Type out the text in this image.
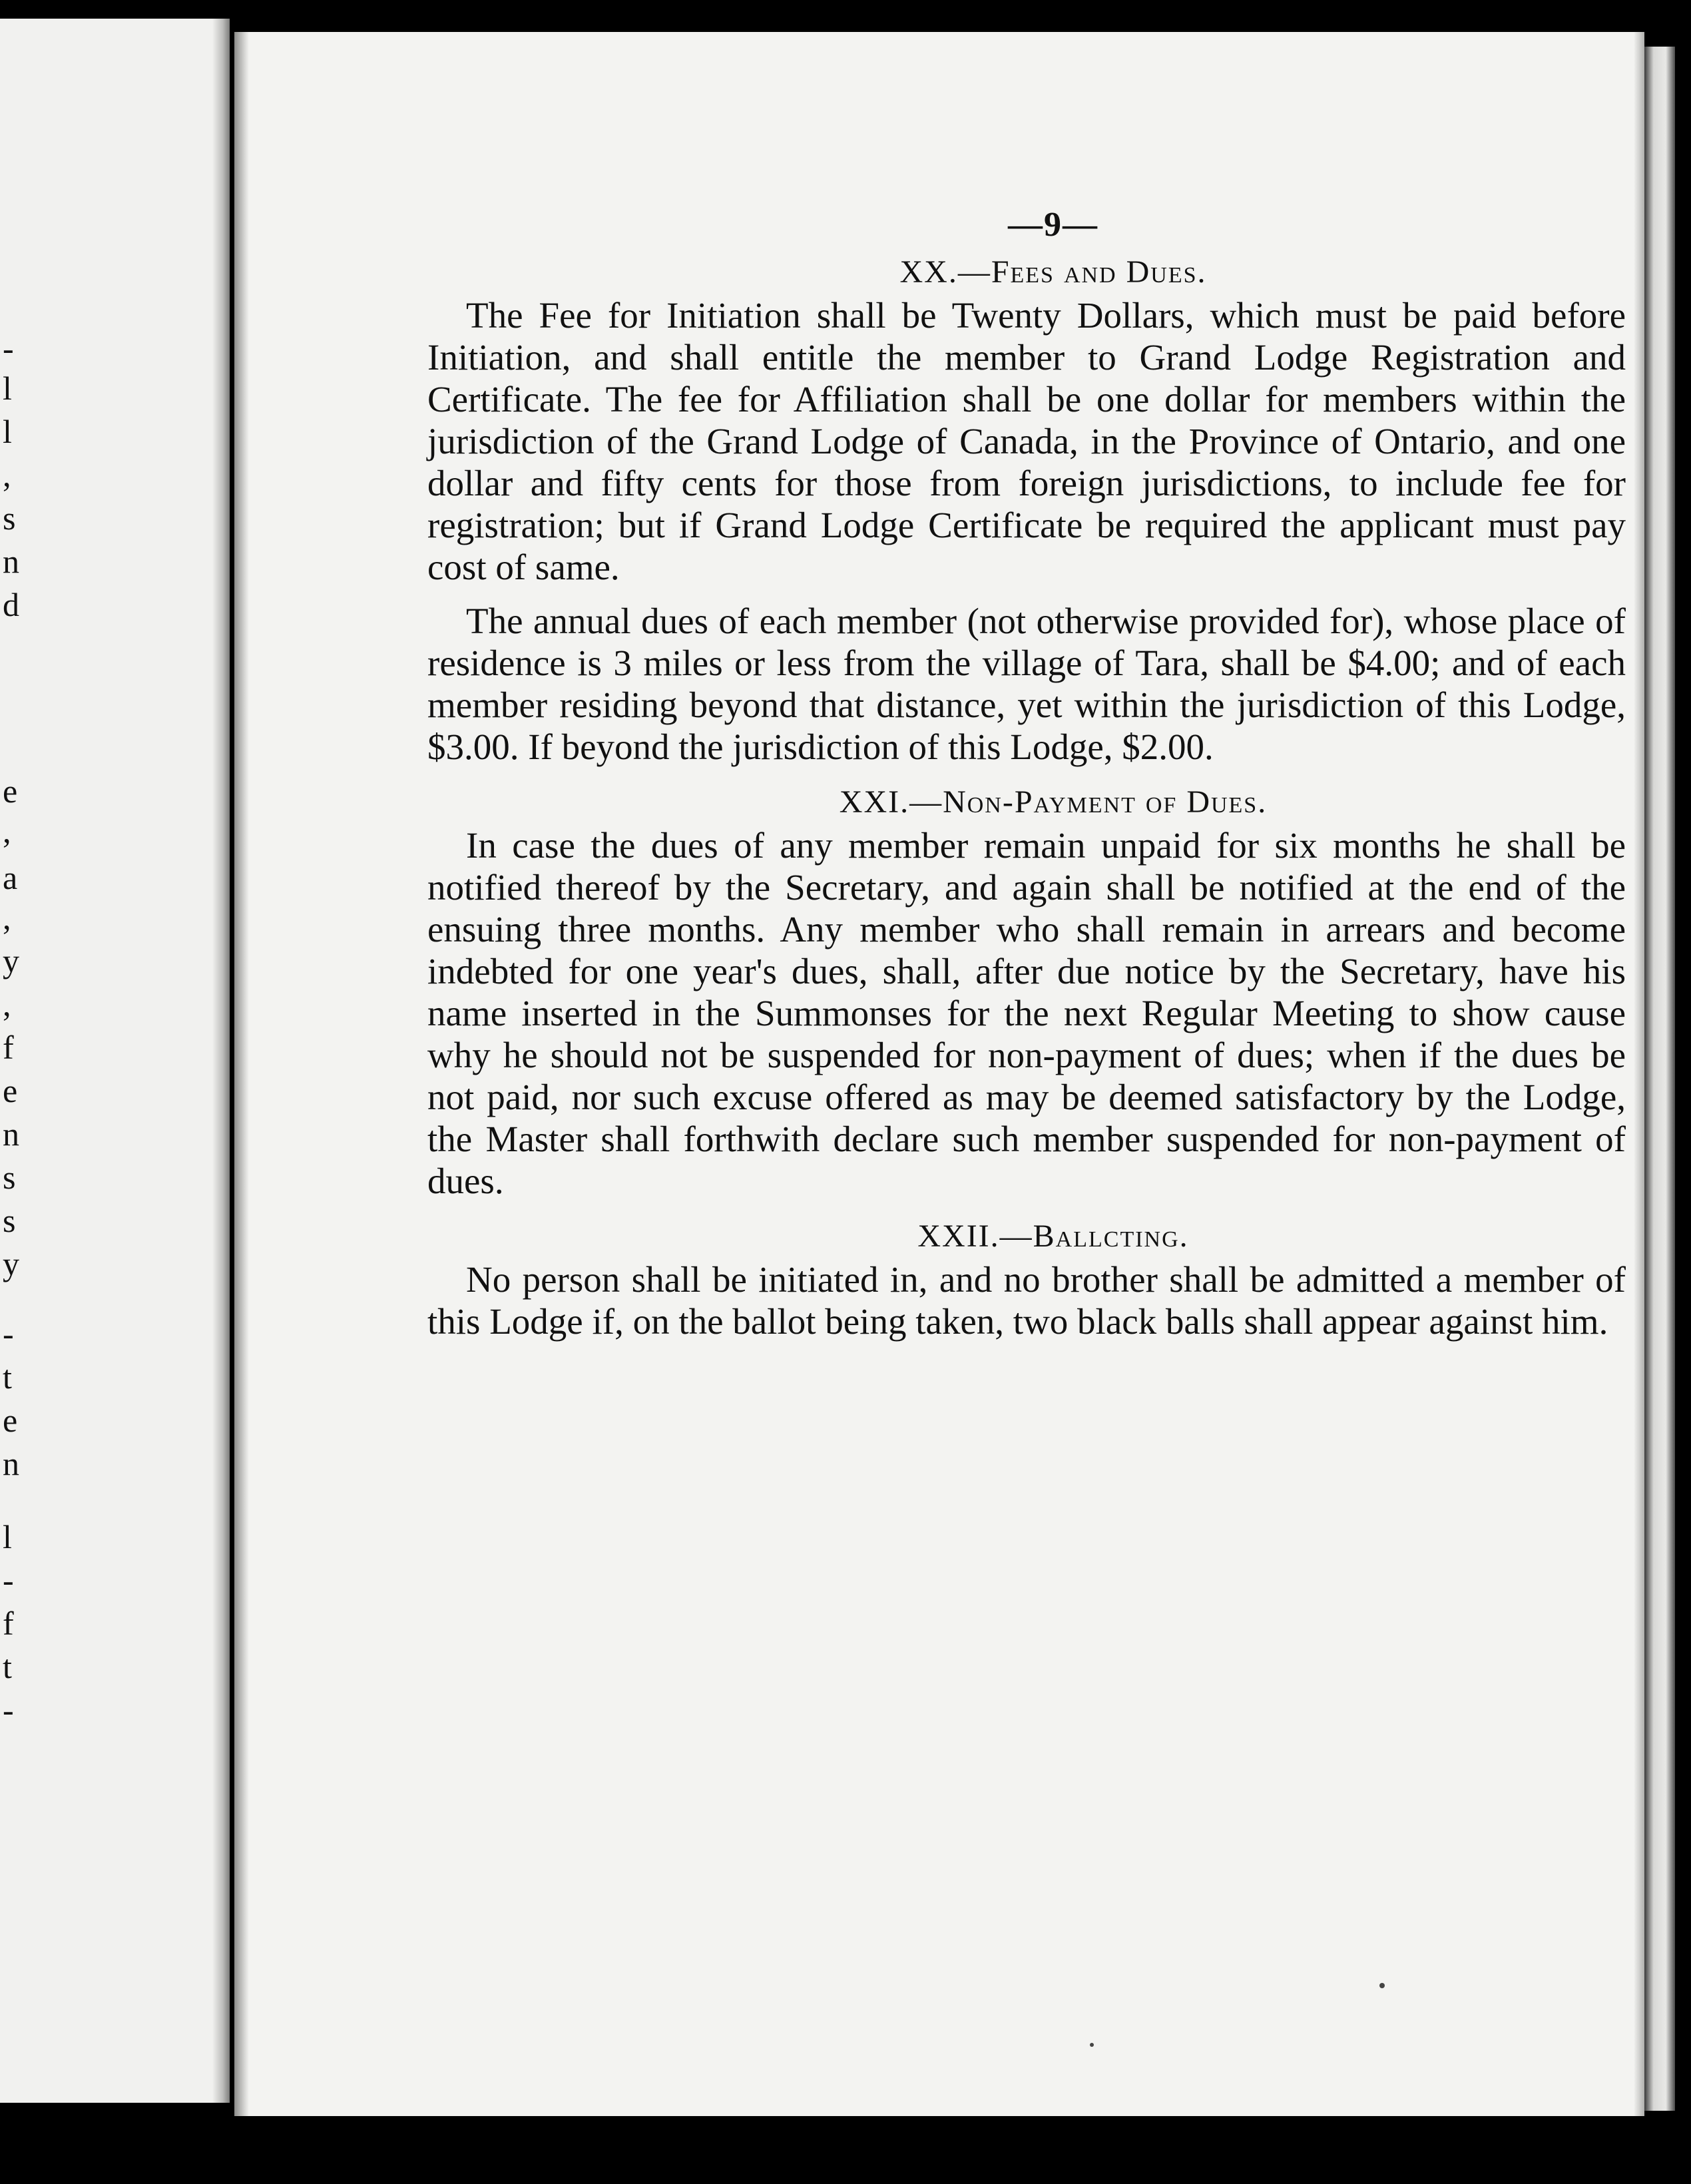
-
l
l
,
s
n
d
e
,
a
,
y
,
f
e
n
s
s
y
-
t
e
n
l
-
f
t
-
—9—
XX.—Fees and Dues.

The Fee for Initiation shall be Twenty Dollars, which must be paid before Initiation, and shall entitle the member to Grand Lodge Registration and Certificate. The fee for Affiliation shall be one dollar for members within the jurisdiction of the Grand Lodge of Canada, in the Province of Ontario, and one dollar and fifty cents for those from foreign jurisdictions, to include fee for registration; but if Grand Lodge Certificate be required the applicant must pay cost of same.

The annual dues of each member (not otherwise provided for), whose place of residence is 3 miles or less from the village of Tara, shall be $4.00; and of each member residing beyond that distance, yet within the jurisdiction of this Lodge, $3.00. If beyond the jurisdiction of this Lodge, $2.00.

XXI.—Non-Payment of Dues.

In case the dues of any member remain unpaid for six months he shall be notified thereof by the Secretary, and again shall be notified at the end of the ensuing three months. Any member who shall remain in arrears and become indebted for one year's dues, shall, after due notice by the Secretary, have his name inserted in the Summonses for the next Regular Meeting to show cause why he should not be suspended for non-payment of dues; when if the dues be not paid, nor such excuse offered as may be deemed satisfactory by the Lodge, the Master shall forthwith declare such member suspended for non-payment of dues.

XXII.—Ballcting.

No person shall be initiated in, and no brother shall be admitted a member of this Lodge if, on the ballot being taken, two black balls shall appear against him.
